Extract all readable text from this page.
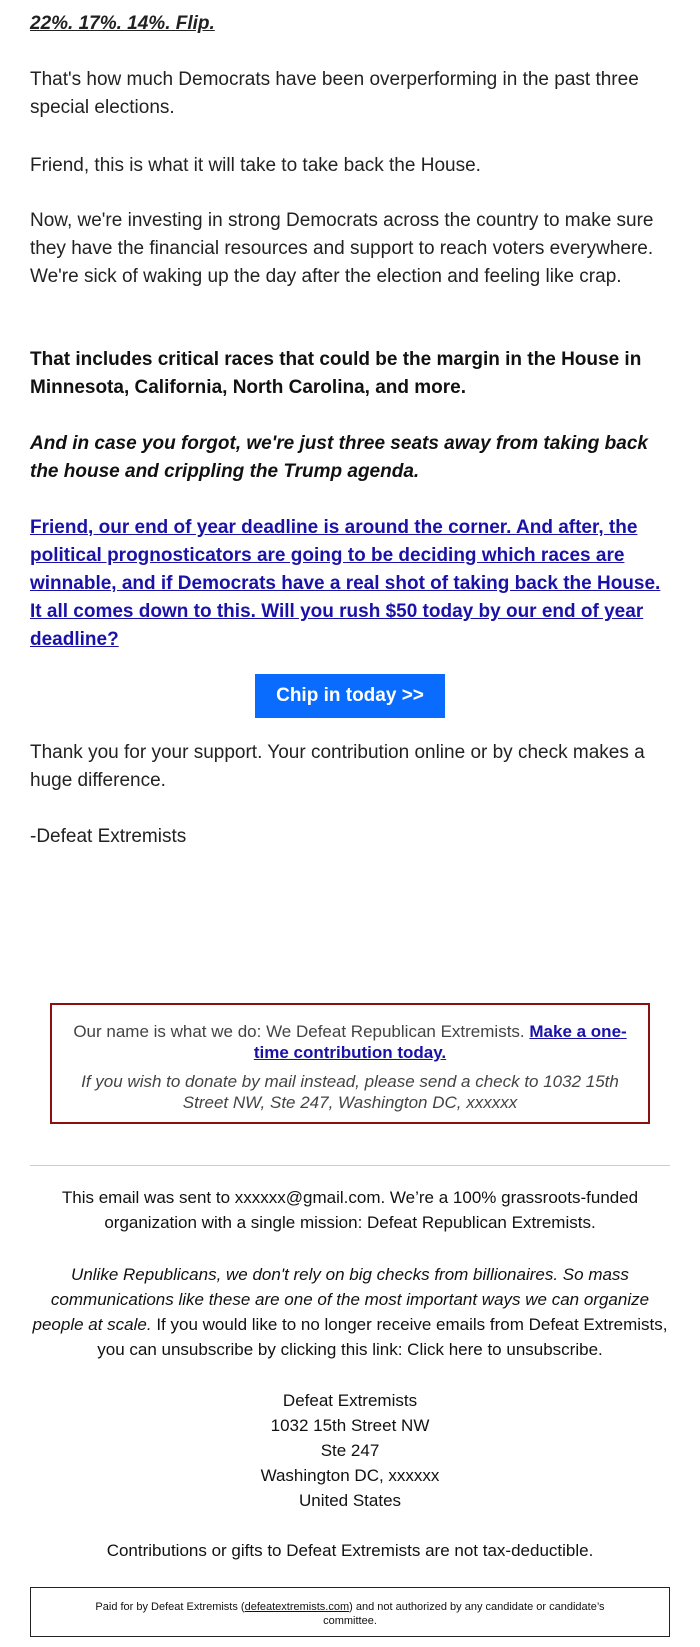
22%. 17%. 14%. Flip.

That's how much Democrats have been overperforming in the past three special elections.

Friend, this is what it will take to take back the House.

Now, we're investing in strong Democrats across the country to make sure they have the financial resources and support to reach voters everywhere. We're sick of waking up the day after the election and feeling like crap.

That includes critical races that could be the margin in the House in Minnesota, California, North Carolina, and more.

And in case you forgot, we're just three seats away from taking back the house and crippling the Trump agenda.

Friend, our end of year deadline is around the corner. And after, the political prognosticators are going to be deciding which races are winnable, and if Democrats have a real shot of taking back the House. It all comes down to this. Will you rush $50 today by our end of year deadline?

Chip in today >>

Thank you for your support. Your contribution online or by check makes a huge difference.

-Defeat Extremists

Our name is what we do: We Defeat Republican Extremists. Make a one-time contribution today.
If you wish to donate by mail instead, please send a check to 1032 15th Street NW, Ste 247, Washington DC, xxxxxx

This email was sent to xxxxxx@gmail.com. We’re a 100% grassroots-funded organization with a single mission: Defeat Republican Extremists.

Unlike Republicans, we don't rely on big checks from billionaires. So mass communications like these are one of the most important ways we can organize people at scale. If you would like to no longer receive emails from Defeat Extremists, you can unsubscribe by clicking this link: Click here to unsubscribe.

Defeat Extremists
1032 15th Street NW
Ste 247
Washington DC, xxxxxx
United States

Contributions or gifts to Defeat Extremists are not tax-deductible.

Paid for by Defeat Extremists (defeatextremists.com) and not authorized by any candidate or candidate’s committee.
